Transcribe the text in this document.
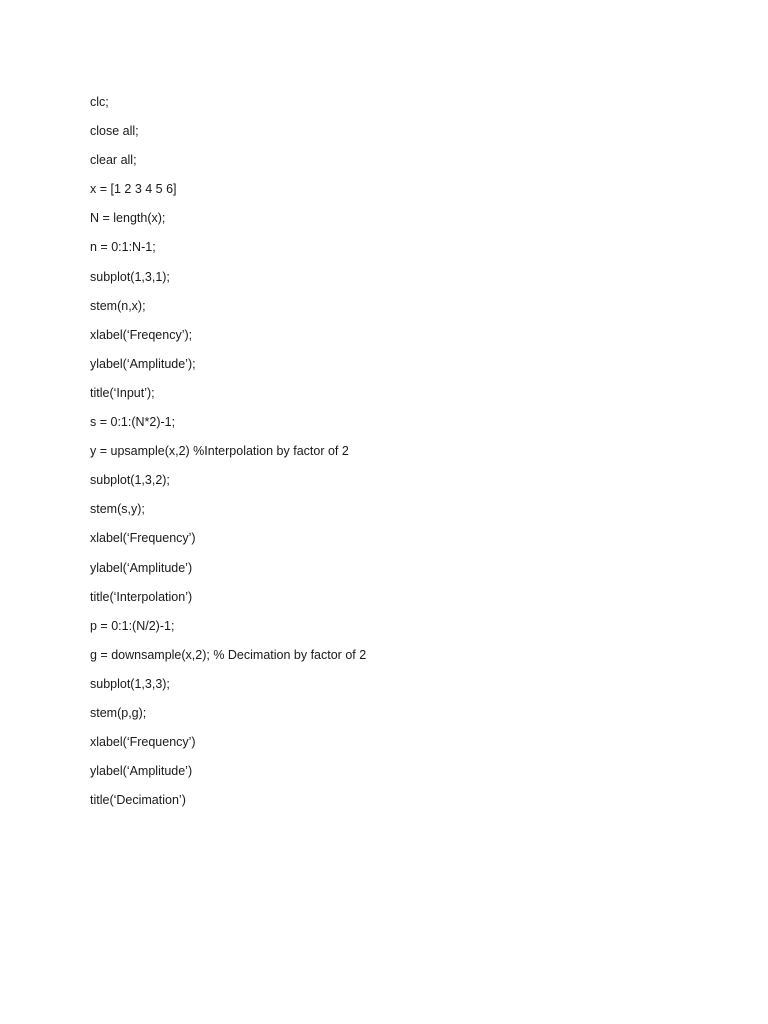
clc;
close all;
clear all;
x = [1 2 3 4 5 6]
N = length(x);
n = 0:1:N-1;
subplot(1,3,1);
stem(n,x);
xlabel(‘Freqency’);
ylabel(‘Amplitude’);
title(‘Input’);
s = 0:1:(N*2)-1;
y = upsample(x,2) %Interpolation by factor of 2
subplot(1,3,2);
stem(s,y);
xlabel(‘Frequency’)
ylabel(‘Amplitude’)
title(‘Interpolation’)
p = 0:1:(N/2)-1;
g = downsample(x,2); % Decimation by factor of 2
subplot(1,3,3);
stem(p,g);
xlabel(‘Frequency’)
ylabel(‘Amplitude’)
title(‘Decimation’)
